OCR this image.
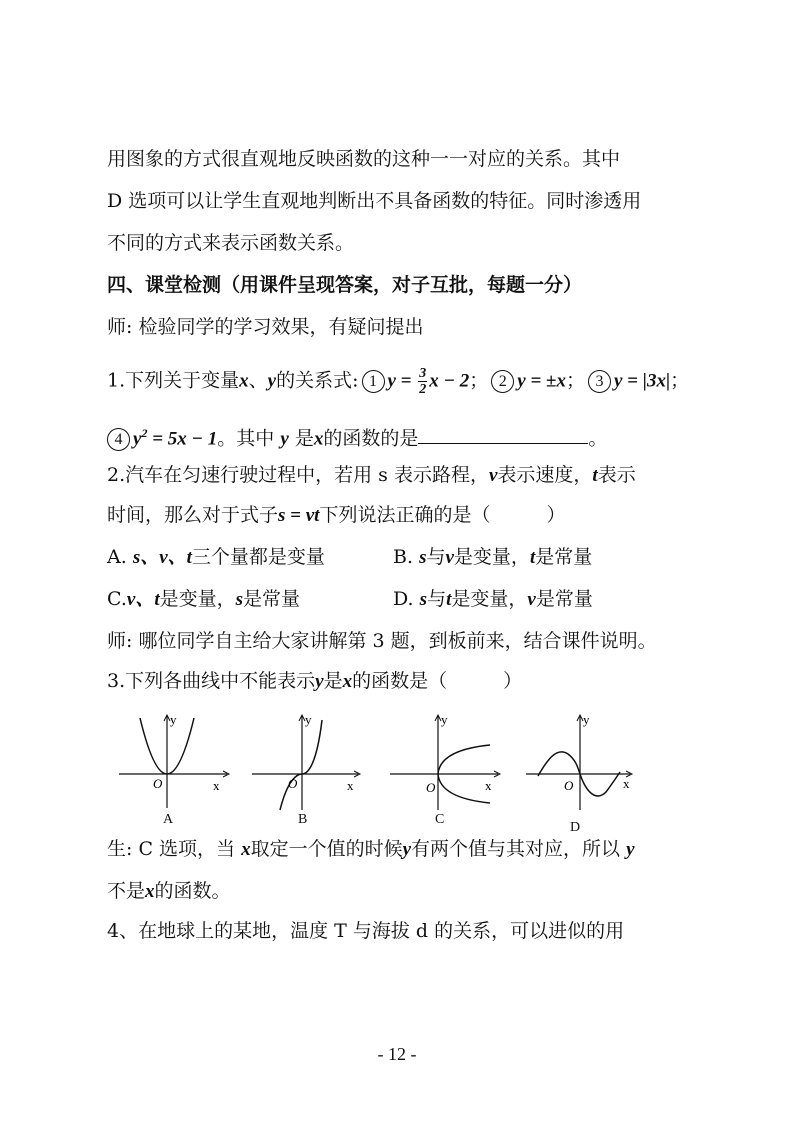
用图象的方式很直观地反映函数的这种一一对应的关系。其中
D 选项可以让学生直观地判断出不具备函数的特征。同时渗透用
不同的方式来表示函数关系。
四、课堂检测（用课件呈现答案，对子互批，每题一分）
师: 检验同学的学习效果，有疑问提出
1.下列关于变量x、y的关系式: 1 $y = \frac{3}{2}$ x − 2； 2 y = ±x； 3 y = |3x|；
4 $y^2 = 5x - 1$。其中 y 是x的函数的是	。
2.汽车在匀速行驶过程中，若用 s 表示路程，v表示速度，t表示
时间，那么对于式子s = vt下列说法正确的是（	）
A. s、v、t三个量都是变量	B. s与v是变量，t是常量
C.v、t是变量，s是常量	D. s与t是变量，v是常量
师: 哪位同学自主给大家讲解第 3 题，到板前来，结合课件说明。
3.下列各曲线中不能表示y是x的函数是（	）
y
x
O
A
y
x
O
B
y
x
O
C
y
x
O
D
生: C 选项，当 x取定一个值的时候y有两个值与其对应，所以 y
不是x的函数。
4、在地球上的某地，温度 T 与海拔 d 的关系，可以进似的用
- 12 -
